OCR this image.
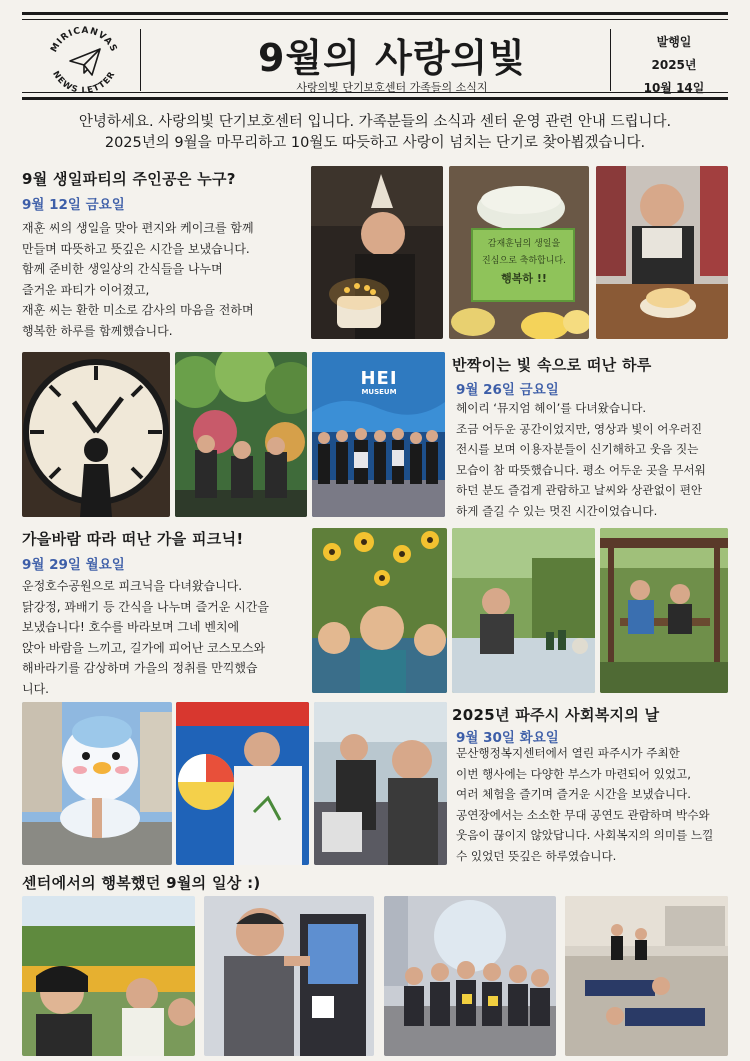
MIRICANVAS
NEWS LETTER	9월의 사랑의빛
사랑의빛 단기보호센터 가족들의 소식지
발행일
2025년
10월 14일
안녕하세요. 사랑의빛 단기보호센터 입니다. 가족분들의 소식과 센터 운영 관련 안내 드립니다.
2025년의 9월을 마무리하고 10월도 따듯하고 사랑이 넘치는 단기로 찾아뵙겠습니다.
9월 생일파티의 주인공은 누구?
9월 12일 금요일
재훈 씨의 생일을 맞아 편지와 케이크를 함께
만들며 따뜻하고 뜻깊은 시간을 보냈습니다.
함께 준비한 생일상의 간식들을 나누며
즐거운 파티가 이어졌고,
재훈 씨는 환한 미소로 감사의 마음을 전하며
행복한 하루를 함께했습니다.
감재훈님의 생일을
진심으로 축하합니다.
행복하 !!
HEI
MUSEUM
반짝이는 빛 속으로 떠난 하루
9월 26일 금요일
헤이리 ‘뮤지엄 헤이’를 다녀왔습니다.
조금 어두운 공간이었지만, 영상과 빛이 어우러진
전시를 보며 이용자분들이 신기해하고 웃음 짓는
모습이 참 따뜻했습니다. 평소 어두운 곳을 무서워
하던 분도 즐겁게 관람하고 날씨와 상관없이 편안
하게 즐길 수 있는 멋진 시간이었습니다.
가을바람 따라 떠난 가을 피크닉!
9월 29일 월요일
운정호수공원으로 피크닉을 다녀왔습니다.
닭강정, 꽈배기 등 간식을 나누며 즐거운 시간을
보냈습니다! 호수를 바라보며 그네 벤치에
앉아 바람을 느끼고, 길가에 피어난 코스모스와
해바라기를 감상하며 가을의 정취를 만끽했습
니다.
2025년 파주시 사회복지의 날
9월 30일 화요일
문산행정복지센터에서 열린 파주시가 주최한
이번 행사에는 다양한 부스가 마련되어 있었고,
여러 체험을 즐기며 즐거운 시간을 보냈습니다.
공연장에서는 소소한 무대 공연도 관람하며 박수와
웃음이 끊이지 않았답니다. 사회복지의 의미를 느낄
수 있었던 뜻깊은 하루였습니다.
센터에서의 행복했던 9월의 일상 :)
